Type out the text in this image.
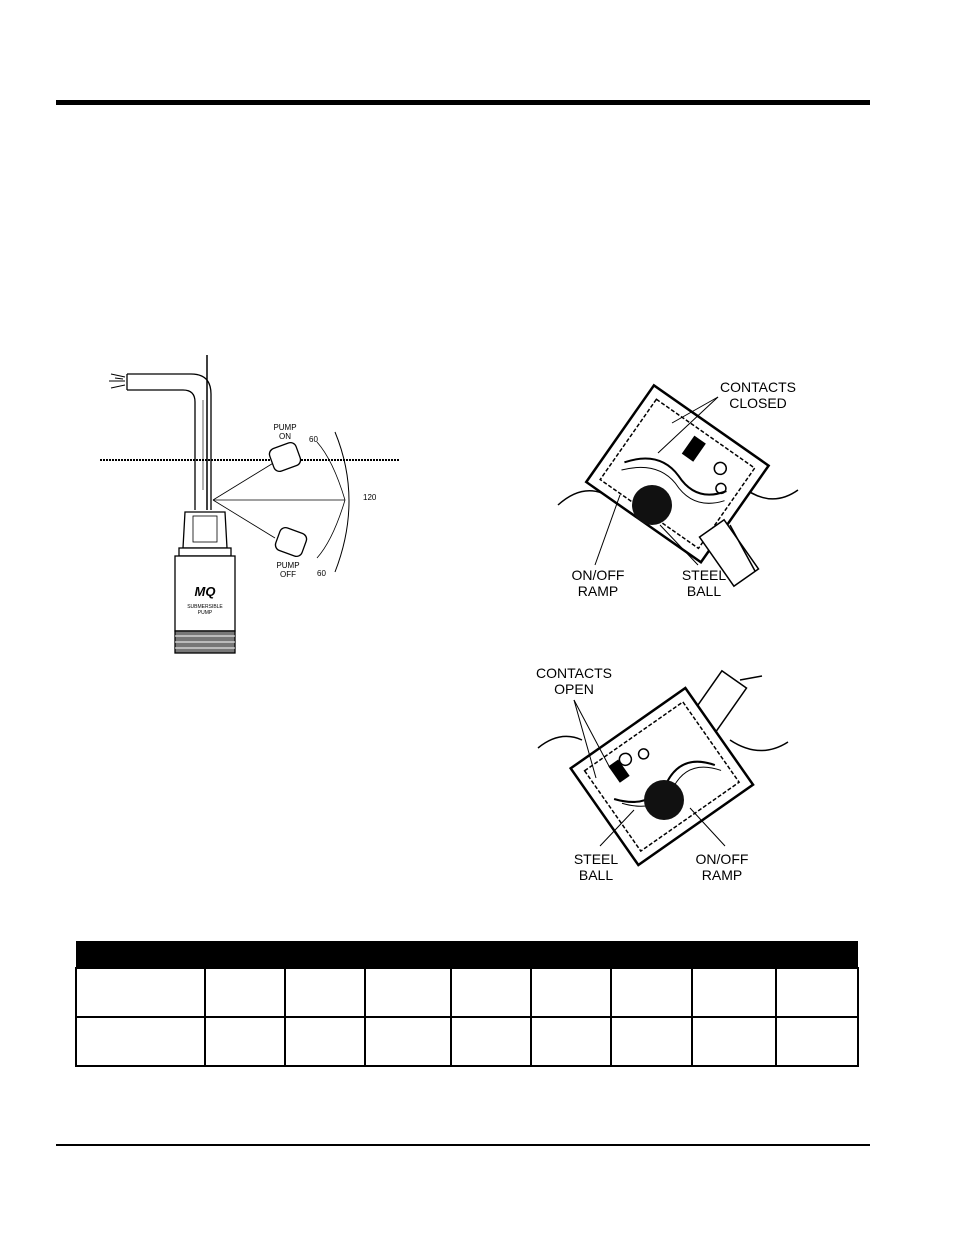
PUMP
ON
PUMP
OFF
60
120
60
MQ
SUBMERSIBLE
PUMP
CONTACTS
CLOSED
ON/OFF
RAMP
STEEL
BALL
CONTACTS
OPEN
STEEL
BALL
ON/OFF
RAMP
